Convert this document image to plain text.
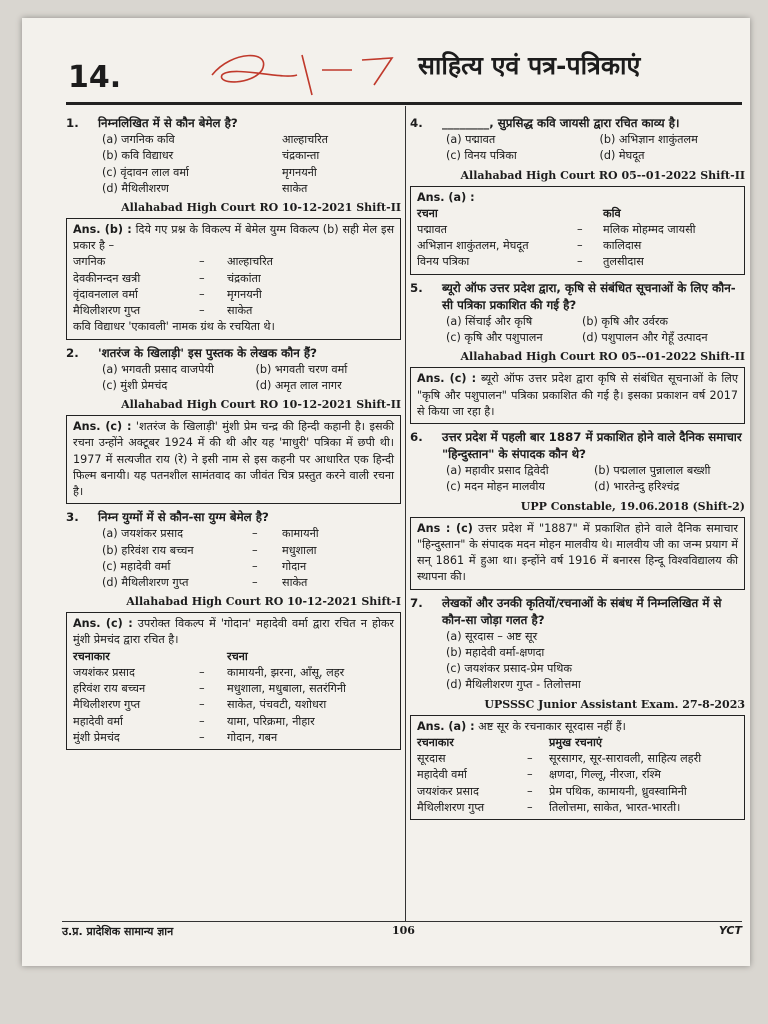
14.	साहित्य एवं पत्र-पत्रिकाएं
1.	निम्नलिखित में से कौन बेमेल है?
(a) जगनिक कवि	आल्हाचरित
(b) कवि विद्याधर	चंद्रकान्ता
(c) वृंदावन लाल वर्मा	मृगनयनी
(d) मैथिलीशरण	साकेत
Allahabad High Court RO 10-12-2021 Shift-II
Ans. (b) : दिये गए प्रश्न के विकल्प में बेमेल युग्म विकल्प (b) सही मेल इस प्रकार है –
जगनिक	–	आल्हाचरित
देवकीनन्दन खत्री	–	चंद्रकांता
वृंदावनलाल वर्मा	–	मृगनयनी
मैथिलीशरण गुप्त	–	साकेत
कवि विद्याधर 'एकावली' नामक ग्रंथ के रचयिता थे।
2.	'शतरंज के खिलाड़ी' इस पुस्तक के लेखक कौन हैं?
(a) भगवती प्रसाद वाजपेयी	(b) भगवती चरण वर्मा
(c) मुंशी प्रेमचंद	(d) अमृत लाल नागर
Allahabad High Court RO 10-12-2021 Shift-II
Ans. (c) : 'शतरंज के खिलाड़ी' मुंशी प्रेम चन्द्र की हिन्दी कहानी है। इसकी रचना उन्होंने अक्टूबर 1924 में की थी और यह 'माधुरी' पत्रिका में छपी थी। 1977 में सत्यजीत राय (रे) ने इसी नाम से इस कहनी पर आधारित एक हिन्दी फिल्म बनायी। यह पतनशील सामंतवाद का जीवंत चित्र प्रस्तुत करने वाली रचना है।
3.	निम्न युग्मों में से कौन-सा युग्म बेमेल है?
(a) जयशंकर प्रसाद	–	कामायनी
(b) हरिवंश राय बच्चन	–	मधुशाला
(c) महादेवी वर्मा	–	गोदान
(d) मैथिलीशरण गुप्त	–	साकेत
Allahabad High Court RO 10-12-2021 Shift-I
Ans. (c) : उपरोक्त विकल्प में 'गोदान' महादेवी वर्मा द्वारा रचित न होकर मुंशी प्रेमचंद द्वारा रचित है।
रचनाकार	रचना
जयशंकर प्रसाद	–	कामायनी, झरना, आँसू, लहर
हरिवंश राय बच्चन	–	मधुशाला, मधुबाला, सतरंगिनी
मैथिलीशरण गुप्त	–	साकेत, पंचवटी, यशोधरा
महादेवी वर्मा	–	यामा, परिक्रमा, नीहार
मुंशी प्रेमचंद	–	गोदान, गबन
4.	________, सुप्रसिद्ध कवि जायसी द्वारा रचित काव्य है।
(a) पद्मावत	(b) अभिज्ञान शाकुंतलम
(c) विनय पत्रिका	(d) मेघदूत
Allahabad High Court RO 05--01-2022 Shift-II
Ans. (a) :
रचना	कवि
पद्मावत	–	मलिक मोहम्मद जायसी
अभिज्ञान शाकुंतलम, मेघदूत	–	कालिदास
विनय पत्रिका	–	तुलसीदास
5.	ब्यूरो ऑफ उत्तर प्रदेश द्वारा, कृषि से संबंधित सूचनाओं के लिए कौन-सी पत्रिका प्रकाशित की गई है?
(a) सिंचाई और कृषि	(b) कृषि और उर्वरक
(c) कृषि और पशुपालन	(d) पशुपालन और गेहूँ उत्पादन
Allahabad High Court RO 05--01-2022 Shift-II
Ans. (c) : ब्यूरो ऑफ उत्तर प्रदेश द्वारा कृषि से संबंधित सूचनाओं के लिए "कृषि और पशुपालन" पत्रिका प्रकाशित की गई है। इसका प्रकाशन वर्ष 2017 से किया जा रहा है।
6.	उत्तर प्रदेश में पहली बार 1887 में प्रकाशित होने वाले दैनिक समाचार "हिन्दुस्तान" के संपादक कौन थे?
(a) महावीर प्रसाद द्विवेदी	(b) पद्मलाल पुन्नालाल बख्शी
(c) मदन मोहन मालवीय	(d) भारतेन्दु हरिश्चंद्र
UPP Constable, 19.06.2018 (Shift-2)
Ans : (c) उत्तर प्रदेश में "1887" में प्रकाशित होने वाले दैनिक समाचार "हिन्दुस्तान" के संपादक मदन मोहन मालवीय थे। मालवीय जी का जन्म प्रयाग में सन् 1861 में हुआ था। इन्होंने वर्ष 1916 में बनारस हिन्दू विश्वविद्यालय की स्थापना की।
7.	लेखकों और उनकी कृतियों/रचनाओं के संबंध में निम्नलिखित में से कौन-सा जोड़ा गलत है?
(a) सूरदास – अष्ट सूर
(b) महादेवी वर्मा-क्षणदा
(c) जयशंकर प्रसाद-प्रेम पथिक
(d) मैथिलीशरण गुप्त - तिलोत्तमा
UPSSSC Junior Assistant Exam. 27-8-2023
Ans. (a) : अष्ट सूर के रचनाकार सूरदास नहीं हैं।
रचनाकार	प्रमुख रचनाएं
सूरदास	–	सूरसागर, सूर-सारावली, साहित्य लहरी
महादेवी वर्मा	–	क्षणदा, गिल्लू, नीरजा, रश्मि
जयशंकर प्रसाद	–	प्रेम पथिक, कामायनी, ध्रुवस्वामिनी
मैथिलीशरण गुप्त	–	तिलोत्तमा, साकेत, भारत-भारती।
उ.प्र. प्रादेशिक सामान्य ज्ञान	106	YCT
